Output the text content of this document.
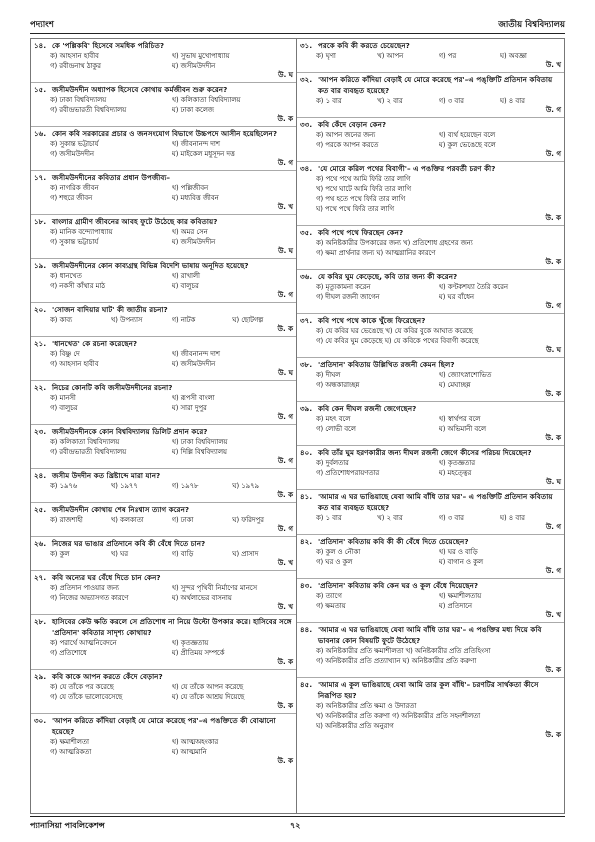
পদ্যাংশ	জাতীয় বিশ্ববিদ্যালয়
১৪. কে 'পল্লিকবি' হিসেবে সমধিক পরিচিত?
ক) আহসান হাবীব	খ) সুভাষ মুখোপাধ্যায়
গ) রবীন্দ্রনাথ ঠাকুর	ঘ) জসীমউদদীন
উ. ঘ
১৫. জসীমউদদীন অধ্যাপক হিসেবে কোথায় কর্মজীবন শুরু করেন?
ক) ঢাকা বিশ্ববিদ্যালয়	খ) কলিকাতা বিশ্ববিদ্যালয়
গ) রবীন্দ্রভারতী বিশ্ববিদ্যালয়	ঘ) ঢাকা কলেজ
উ. ক
১৬. কোন কবি সরকারের প্রচার ও জনসংযোগ বিভাগে উচ্চপদে আসীন হয়েছিলেন?
ক) সুকান্ত ভট্টাচার্য	খ) জীবনানন্দ দাশ
গ) জসীমউদদীন	ঘ) মাইকেল মধুসূদন দত্ত
উ. গ
১৭. জসীমউদদীনের কবিতার প্রধান উপজীব্য–
ক) নাগরিক জীবন	খ) পল্লিজীবন
গ) শহুরে জীবন	ঘ) মধ্যবিত্ত জীবন
উ. খ
১৮. বাংলার গ্রামীণ জীবনের আবহ ফুটে উঠেছে কার কবিতায়?
ক) মানিক বন্দ্যোপাধ্যায়	খ) অমর সেন
গ) সুকান্ত ভট্টাচার্য	ঘ) জসীমউদদীন
উ. ঘ
১৯. জসীমউদদীনের কোন কাব্যগ্রন্থ বিভিন্ন বিদেশি ভাষায় অনূদিত হয়েছে?
ক) ধানখেত	খ) রাখালী
গ) নকসী কাঁথার মাঠ	ঘ) বালুচর
উ. গ
২০. 'সোজন বাদিয়ার ঘাট' কী জাতীয় রচনা?
ক) কাব্য	খ) উপন্যাস	গ) নাটক	ঘ) ছোটগল্প
উ. ক
২১. 'ধানখেত' কে রচনা করেছেন?
ক) বিষ্ণু দে	খ) জীবনানন্দ দাশ
গ) আহসান হাবীব	ঘ) জসীমউদদীন
উ. ঘ
২২. নিচের কোনটি কবি জসীমউদদীনের রচনা?
ক) মানসী	খ) রূপসী বাংলা
গ) বালুচর	ঘ) সারা দুপুর
উ. গ
২৩. জসীমউদদীনকে কোন বিশ্ববিদ্যালয় ডিলিট প্রদান করে?
ক) কলিকাতা বিশ্ববিদ্যালয়	খ) ঢাকা বিশ্ববিদ্যালয়
গ) রবীন্দ্রভারতী বিশ্ববিদ্যালয়	ঘ) দিল্লি বিশ্ববিদ্যালয়
উ. গ
২৪. জসীম উদদীন কত খ্রিষ্টাব্দে মারা যান?
ক) ১৯৭৬	খ) ১৯৭৭	গ) ১৯৭৮	ঘ) ১৯৭৯
উ. ক
২৫. জসীমউদদীন কোথায় শেষ নিঃশ্বাস ত্যাগ করেন?
ক) রাজশাহী	খ) কলকাতা	গ) ঢাকা	ঘ) ফরিদপুর
উ. গ
২৬. নিজের ঘর ভাঙার প্রতিদানে কবি কী বেঁধে দিতে চান?
ক) কুল	খ) ঘর	গ) বাড়ি	ঘ) প্রাসাদ
উ. খ
২৭. কবি অন্যের ঘর বেঁধে দিতে চান কেন?
ক) প্রতিদান পাওয়ার জন্য	খ) সুন্দর পৃথিবী নির্মাণের মানসে
গ) নিজের অভ্যাসগত কারণে	ঘ) অর্থলাভের বাসনায়
উ. খ
২৮. হাসিবের কেউ ক্ষতি করলে সে প্রতিশোধ না নিয়ে উল্টো উপকার করে। হাসিবের সঙ্গে 'প্রতিদান' কবিতার সাদৃশ্য কোথায়?
ক) পরার্থে আত্মনিবেদনে	খ) কৃতজ্ঞতায়
গ) প্রতিশোধে	ঘ) প্রীতিময় সম্পর্কে
উ. ক
২৯. কবি কাকে আপন করতে কেঁদে বেড়ান?
ক) যে তাঁকে পর করেছে	খ) যে তাঁকে আপন করেছে
গ) যে তাঁকে ভালোবেসেছে	ঘ) যে তাঁকে আশ্রয় দিয়েছে
উ. ক
৩০. 'আপন করিতে কাঁদিয়া বেড়াই যে মোরে করেছে পর'–এ পঙক্তিতে কী বোঝানো হয়েছে?
ক) ক্ষমাশীলতা	খ) আত্মঅহংকার
গ) আত্মরিকতা	ঘ) আত্মমানি
উ. ক
৩১. পরকে কবি কী করতে চেয়েছেন?
ক) ঘৃণা	খ) আপন	গ) পর	ঘ) অবজ্ঞা
উ. খ
৩২. 'আপন করিতে কাঁদিয়া বেড়াই যে মোরে করেছে পর'–এ পঙ্‌ক্তিটি প্রতিদান কবিতায় কত বার ব্যবহৃত হয়েছে?
ক) ১ বার	খ) ২ বার	গ) ৩ বার	ঘ) ৪ বার
উ. গ
৩৩. কবি কেঁদে বেড়ান কেন?
ক) আপন জনের জন্য	খ) ব্যর্থ হয়েছেন বলে
গ) পরকে আপন করতে	ঘ) কুল ভেঙেছে বলে
উ. গ
৩৪. 'যে মোরে করিল পথের বিবাগী'– এ পঙক্তির পরবর্তী চরণ কী?
ক) পথে পথে আমি ফিরি তার লাগি
খ) পথে ঘাটে আমি ফিরি তার লাগি
গ) পথ হতে পথে ফিরি তার লাগি
ঘ) পথে পথে ফিরি তার লাগি
উ. ক
৩৫. কবি পথে পথে ফিরছেন কেন?
ক) অনিষ্টকারীর উপকারের জন্য খ) প্রতিশোধ গ্রহণের জন্য
গ) ক্ষমা প্রার্থনার জন্য ঘ) আত্মগ্লানির কারণে
উ. ক
৩৬. যে কবির ঘুম কেড়েছে, কবি তার জন্য কী করেন?
ক) মৃত্যুকামনা করেন	খ) কণ্টকশয্যা তৈরি করেন
গ) দীঘল রজনী জাগেন	ঘ) ঘর বাঁধেন
উ. গ
৩৭. কবি পথে পথে কাকে খুঁজে ফিরেছেন?
ক) যে কবির ঘর ভেঙেছে খ) যে কবির বুকে আঘাত করেছে
গ) যে কবির ঘুম কেড়েছে ঘ) যে কবিকে পথের বিবাগী করেছে
উ. ঘ
৩৮. 'প্রতিদান' কবিতায় উল্লিখিত রজনী কেমন ছিল?
ক) দীঘল	খ) জ্যোৎস্নাশোভিত
গ) অন্ধকারাচ্ছন্ন	ঘ) মেঘাচ্ছন্ন
উ. ক
৩৯. কবি কেন দীঘল রজনী জেগেছেন?
ক) মহৎ বলে	খ) স্বার্থপর বলে
গ) লোভী বলে	ঘ) অভিমানী বলে
উ. ক
৪০. কবি তাঁর ঘুম হরণকারীর জন্য দীঘল রজনী জেগে কীসের পরিচয় দিয়েছেন?
ক) দুর্বলতার	খ) কৃতজ্ঞতার
গ) প্রতিশোধপরায়ণতার	ঘ) মহত্ত্বের
উ. ঘ
৪১. 'আমার এ ঘর ভাঙিয়াছে যেবা আমি বাঁধি তার ঘর'– এ পঙক্তিটি প্রতিদান কবিতায় কত বার ব্যবহৃত হয়েছে?
ক) ১ বার	খ) ২ বার	গ) ৩ বার	ঘ) ৪ বার
উ. গ
৪২. 'প্রতিদান' কবিতায় কবি কী কী বেঁধে দিতে চেয়েছেন?
ক) কুল ও নৌকা	খ) ঘর ও বাড়ি
গ) ঘর ও কুল	ঘ) বাগান ও কুল
উ. গ
৪৩. 'প্রতিদান' কবিতায় কবি কেন ঘর ও কুল বেঁধে দিয়েছেন?
ক) ত্যাগে	খ) ক্ষমাশীলতায়
গ) ক্ষমতায়	ঘ) প্রতিদানে
উ. খ
৪৪. 'আমার এ ঘর ভাঙিয়াছে যেবা আমি বাঁধি তার ঘর'– এ পঙক্তির মধ্য দিয়ে কবি ভাবনার কোন বিষয়টি ফুটে উঠেছে?
ক) অনিষ্টকারীর প্রতি ক্ষমাশীলতা খ) অনিষ্টকারীর প্রতি প্রতিহিংসা
গ) অনিষ্টকারীর প্রতি প্রত্যাখ্যান ঘ) অনিষ্টকারীর প্রতি করুণা
উ. ক
৪৫. 'আমার এ কুল ভাঙিয়াছে যেবা আমি তার কুল বাঁধি'– চরণটির সার্থকতা কীসে নিরূপিত হয়?
ক) অনিষ্টকারীর প্রতি ক্ষমা ও উদারতা
খ) অনিষ্টকারীর প্রতি করুণা গ) অনিষ্টকারীর প্রতি সহনশীলতা
ঘ) অনিষ্টকারীর প্রতি অনুরাগ
উ. ক
প্যানাসিয়া পাবলিকেশন্স	৭২
